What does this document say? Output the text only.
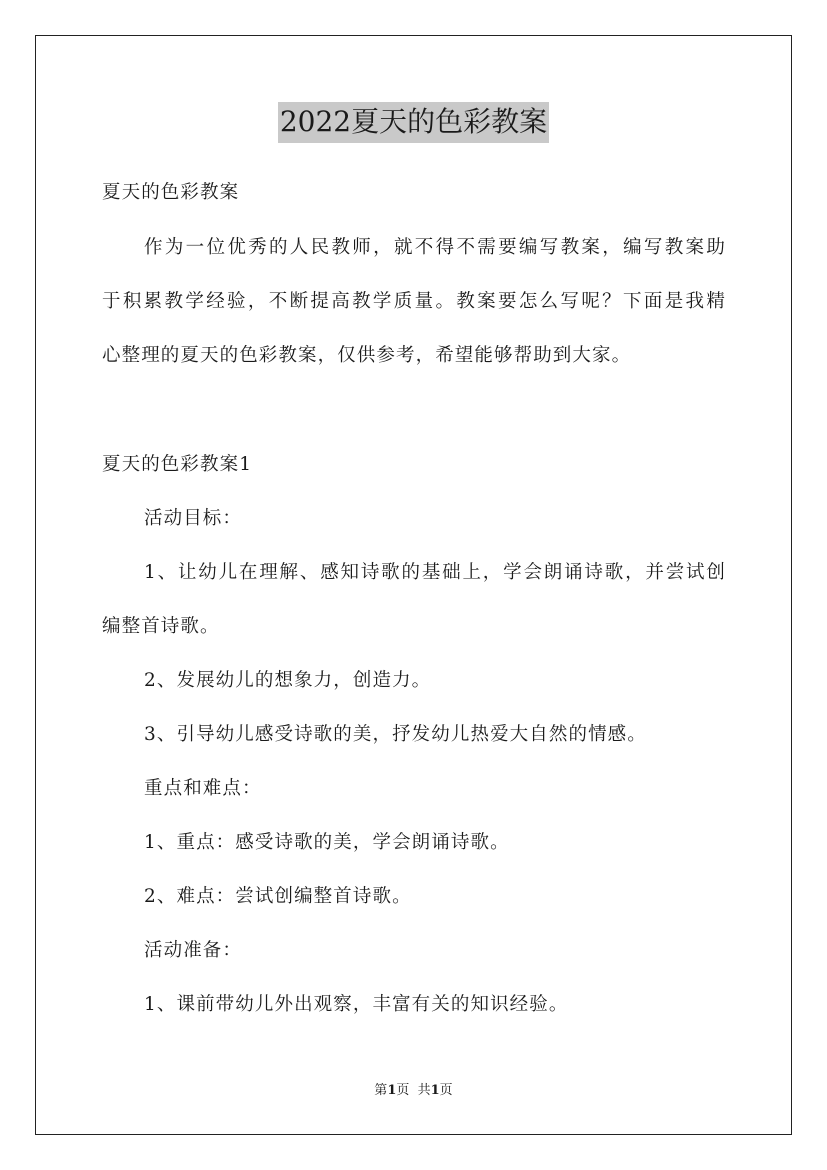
2022夏天的色彩教案
夏天的色彩教案
作为一位优秀的人民教师，就不得不需要编写教案，编写教案助
于积累教学经验，不断提高教学质量。教案要怎么写呢？下面是我精
心整理的夏天的色彩教案，仅供参考，希望能够帮助到大家。
夏天的色彩教案1
活动目标：
1、让幼儿在理解、感知诗歌的基础上，学会朗诵诗歌，并尝试创
编整首诗歌。
2、发展幼儿的想象力，创造力。
3、引导幼儿感受诗歌的美，抒发幼儿热爱大自然的情感。
重点和难点：
1、重点：感受诗歌的美，学会朗诵诗歌。
2、难点：尝试创编整首诗歌。
活动准备：
1、课前带幼儿外出观察，丰富有关的知识经验。
第1页  共1页
